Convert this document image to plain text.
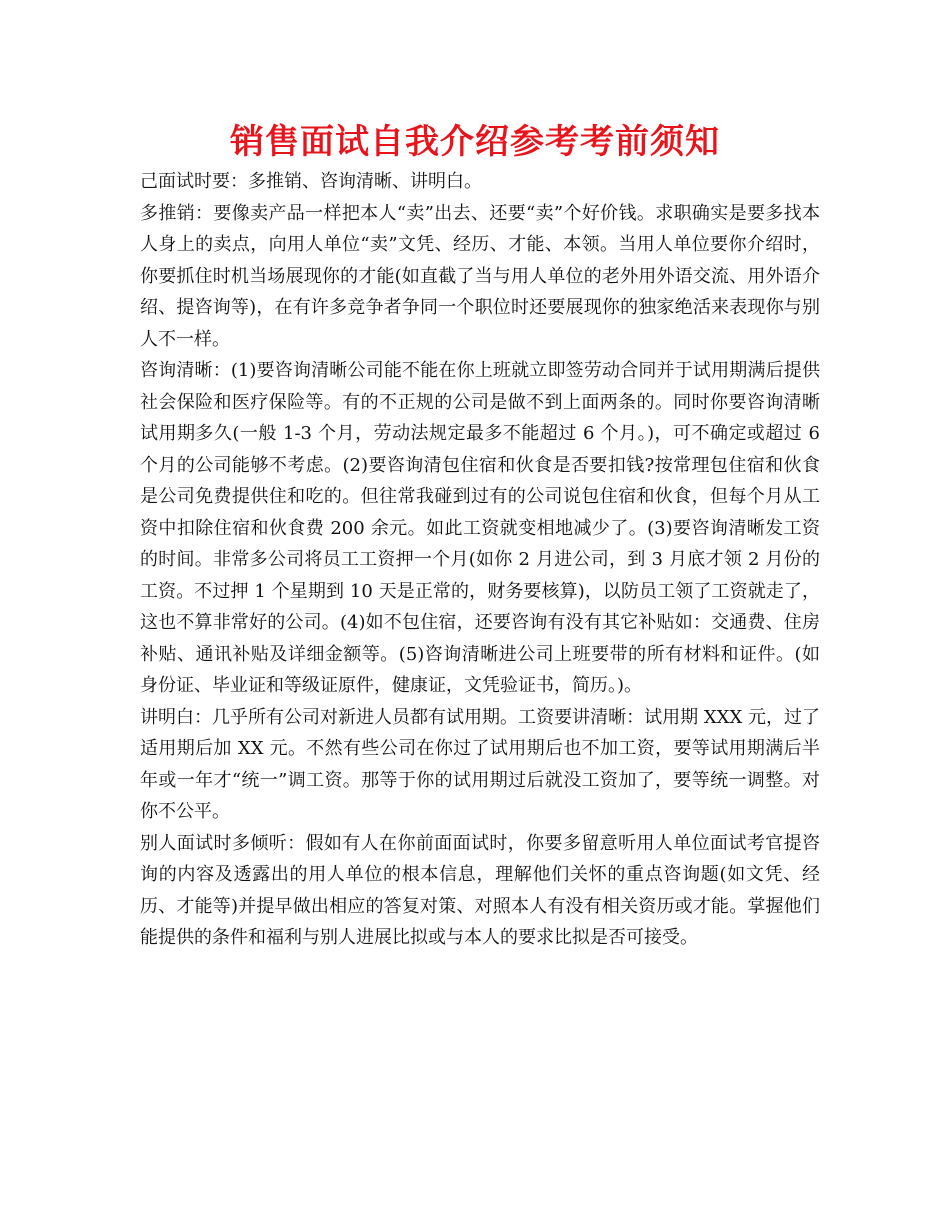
销售面试自我介绍参考考前须知

己面试时要：多推销、咨询清晰、讲明白。

多推销：要像卖产品一样把本人“卖”出去、还要“卖”个好价钱。求职确实是要多找本人身上的卖点，向用人单位“卖”文凭、经历、才能、本领。当用人单位要你介绍时，你要抓住时机当场展现你的才能(如直截了当与用人单位的老外用外语交流、用外语介绍、提咨询等)，在有许多竞争者争同一个职位时还要展现你的独家绝活来表现你与别人不一样。

咨询清晰：(1)要咨询清晰公司能不能在你上班就立即签劳动合同并于试用期满后提供社会保险和医疗保险等。有的不正规的公司是做不到上面两条的。同时你要咨询清晰试用期多久(一般 1-3 个月，劳动法规定最多不能超过 6 个月。)，可不确定或超过 6 个月的公司能够不考虑。(2)要咨询清包住宿和伙食是否要扣钱?按常理包住宿和伙食是公司免费提供住和吃的。但往常我碰到过有的公司说包住宿和伙食，但每个月从工资中扣除住宿和伙食费 200 余元。如此工资就变相地减少了。(3)要咨询清晰发工资的时间。非常多公司将员工工资押一个月(如你 2 月进公司，到 3 月底才领 2 月份的工资。不过押 1 个星期到 10 天是正常的，财务要核算)，以防员工领了工资就走了，这也不算非常好的公司。(4)如不包住宿，还要咨询有没有其它补贴如：交通费、住房补贴、通讯补贴及详细金额等。(5)咨询清晰进公司上班要带的所有材料和证件。(如身份证、毕业证和等级证原件，健康证，文凭验证书，简历。)。

讲明白：几乎所有公司对新进人员都有试用期。工资要讲清晰：试用期 XXX 元，过了适用期后加 XX 元。不然有些公司在你过了试用期后也不加工资，要等试用期满后半年或一年才“统一”调工资。那等于你的试用期过后就没工资加了，要等统一调整。对你不公平。

别人面试时多倾听：假如有人在你前面面试时，你要多留意听用人单位面试考官提咨询的内容及透露出的用人单位的根本信息，理解他们关怀的重点咨询题(如文凭、经历、才能等)并提早做出相应的答复对策、对照本人有没有相关资历或才能。掌握他们能提供的条件和福利与别人进展比拟或与本人的要求比拟是否可接受。
